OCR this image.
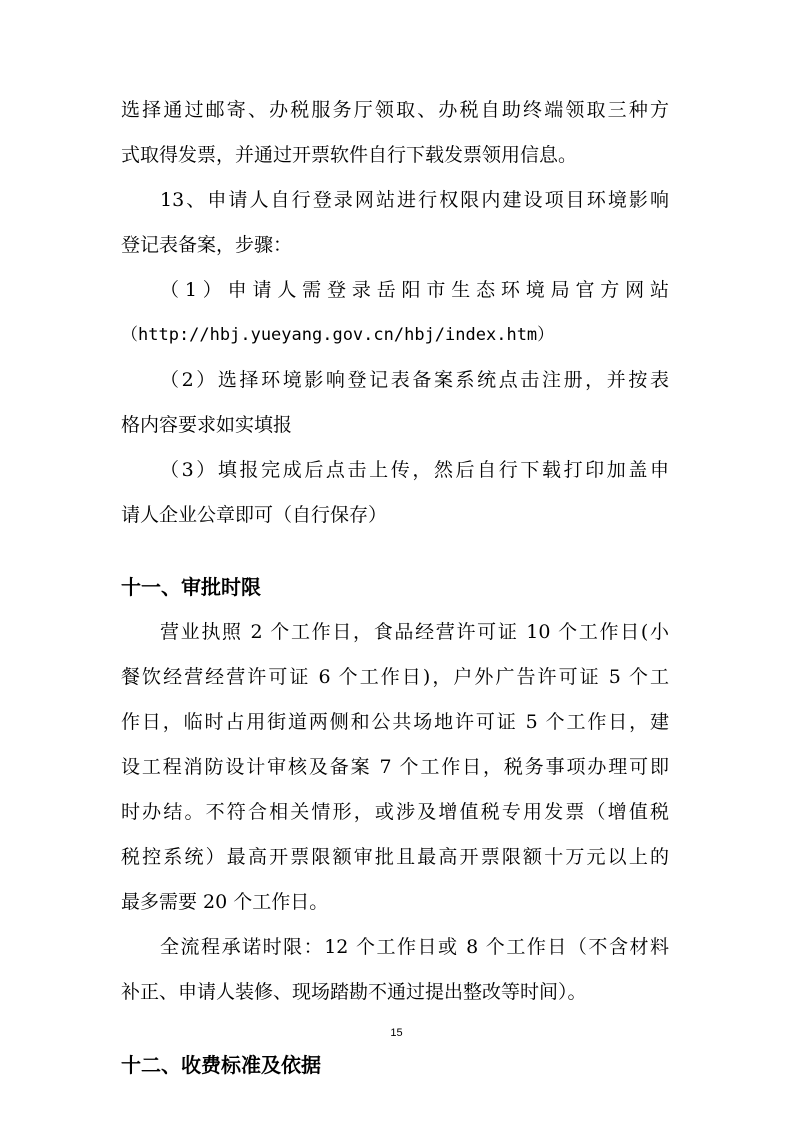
选择通过邮寄、办税服务厅领取、办税自助终端领取三种方
式取得发票，并通过开票软件自行下载发票领用信息。
13、申请人自行登录网站进行权限内建设项目环境影响
登记表备案，步骤：
（1）申请人需登录岳阳市生态环境局官方网站
（http://hbj.yueyang.gov.cn/hbj/index.htm）
（2）选择环境影响登记表备案系统点击注册，并按表
格内容要求如实填报
（3）填报完成后点击上传，然后自行下载打印加盖申
请人企业公章即可（自行保存）
十一、审批时限
营业执照 2 个工作日，食品经营许可证 10 个工作日(小
餐饮经营经营许可证 6 个工作日)，户外广告许可证 5 个工
作日，临时占用街道两侧和公共场地许可证 5 个工作日，建
设工程消防设计审核及备案 7 个工作日，税务事项办理可即
时办结。不符合相关情形，或涉及增值税专用发票（增值税
税控系统）最高开票限额审批且最高开票限额十万元以上的
最多需要 20 个工作日。
全流程承诺时限：12 个工作日或 8 个工作日（不含材料
补正、申请人装修、现场踏勘不通过提出整改等时间）。
十二、收费标准及依据
15
